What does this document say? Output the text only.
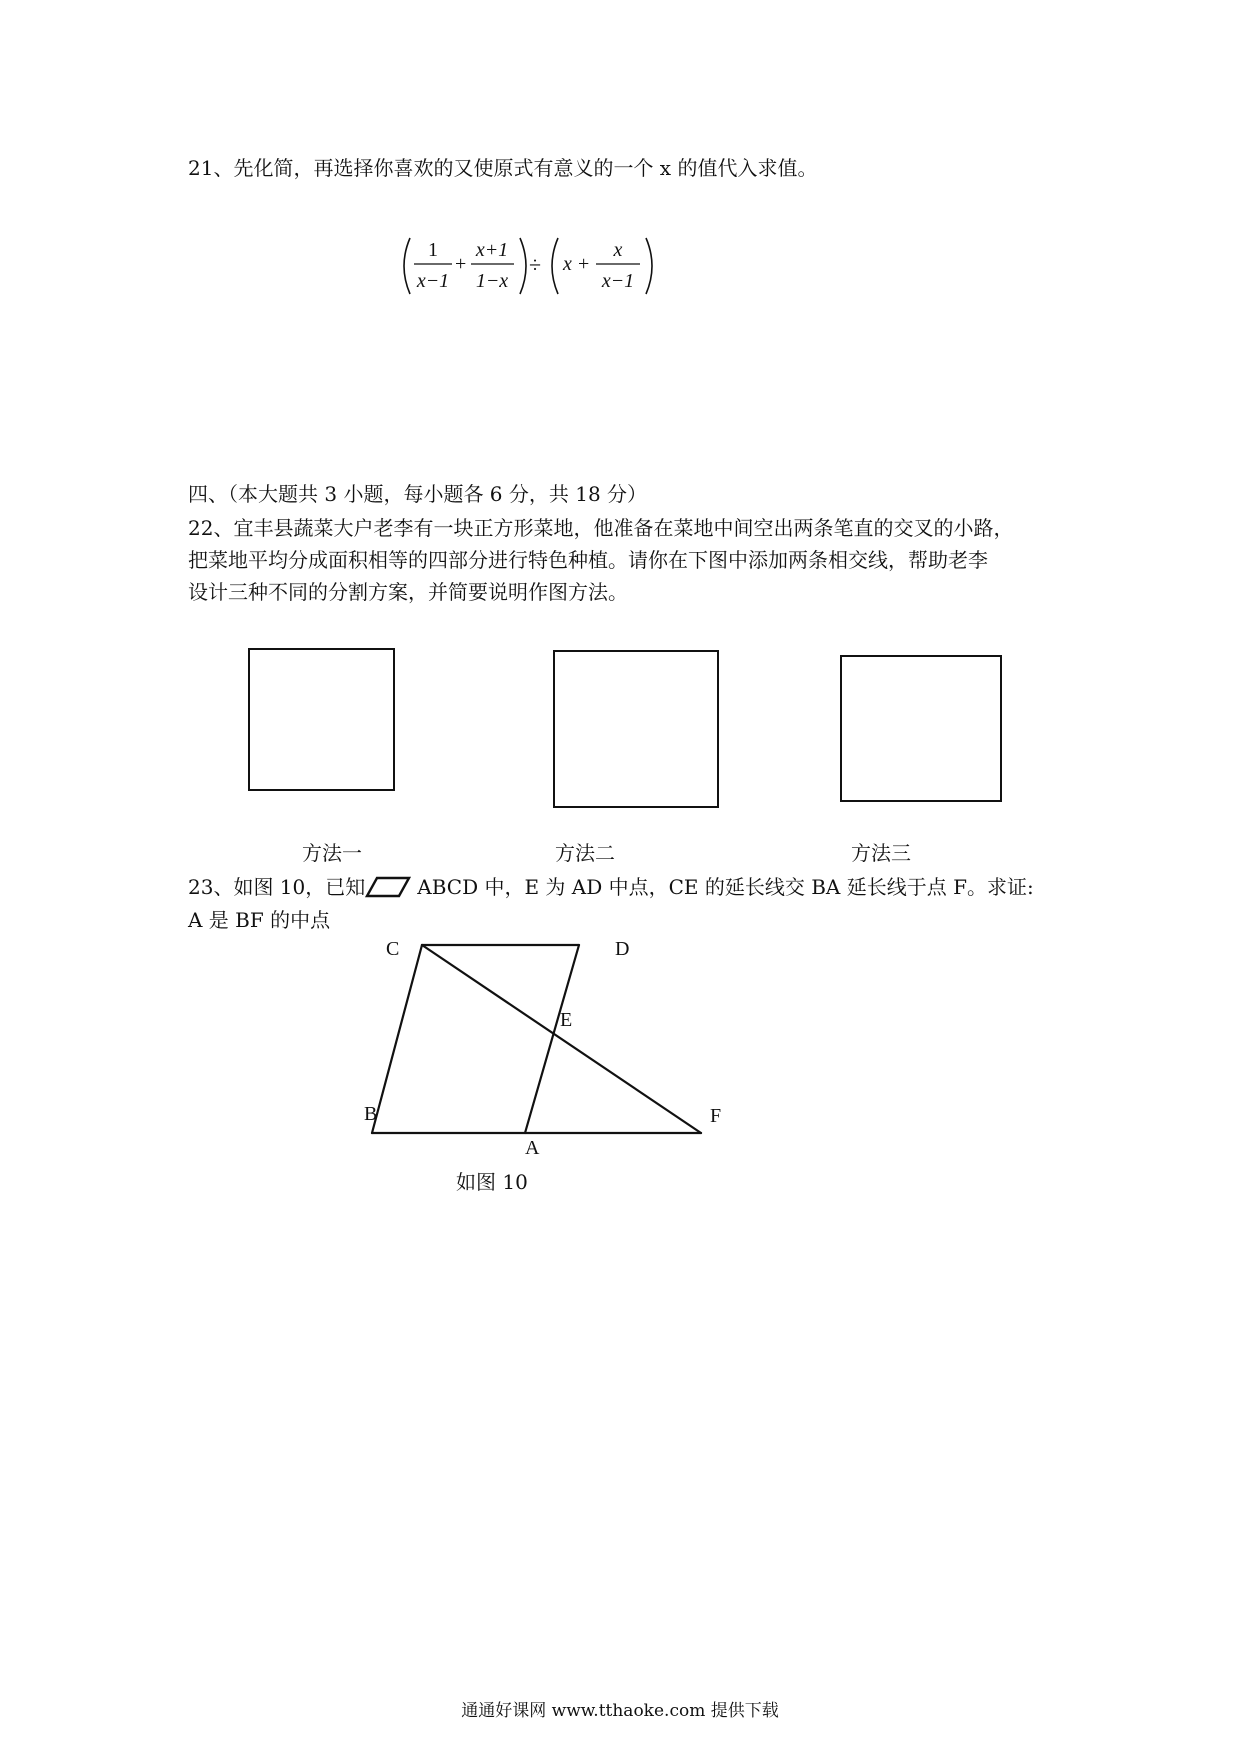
21、先化简，再选择你喜欢的又使原式有意义的一个 x 的值代入求值。
1
x−1
+
x+1
1−x
÷ x +
x
x−1
四、（本大题共 3 小题，每小题各 6 分，共 18 分）
22、宜丰县蔬菜大户老李有一块正方形菜地，他准备在菜地中间空出两条笔直的交叉的小路，
把菜地平均分成面积相等的四部分进行特色种植。请你在下图中添加两条相交线，帮助老李
设计三种不同的分割方案，并简要说明作图方法。
方法一	方法二	方法三
23、如图 10，已知	ABCD 中，E 为 AD 中点，CE 的延长线交 BA 延长线于点 F。求证:
A 是 BF 的中点
C	D
E
B
A
F
如图 10
通通好课网 www.tthaoke.com 提供下载
